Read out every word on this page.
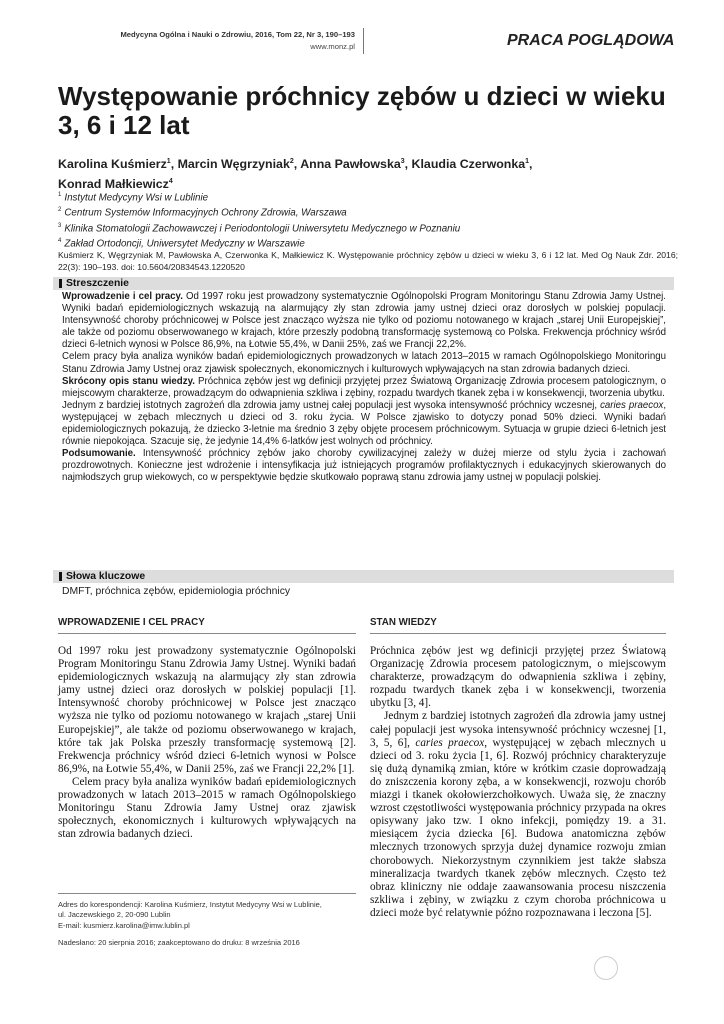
Medycyna Ogólna i Nauki o Zdrowiu, 2016, Tom 22, Nr 3, 190–193
www.monz.pl	PRACA POGLĄDOWA
Występowanie próchnicy zębów u dzieci w wieku 3, 6 i 12 lat
Karolina Kuśmierz$^1$, Marcin Węgrzyniak$^2$, Anna Pawłowska$^3$, Klaudia Czerwonka$^1$,
Konrad Małkiewicz$^4$
$^1$ Instytut Medycyny Wsi w Lublinie
$^2$ Centrum Systemów Informacyjnych Ochrony Zdrowia, Warszawa
$^3$ Klinika Stomatologii Zachowawczej i Periodontologii Uniwersytetu Medycznego w Poznaniu
$^4$ Zakład Ortodoncji, Uniwersytet Medyczny w Warszawie
Kuśmierz K, Węgrzyniak M, Pawłowska A, Czerwonka K, Małkiewicz K. Występowanie próchnicy zębów u dzieci w wieku 3, 6 i 12 lat. Med Og Nauk Zdr. 2016; 22(3): 190–193. doi: 10.5604/20834543.1220520
$^{Streszczenie}$

Wprowadzenie i cel pracy. Od 1997 roku jest prowadzony systematycznie Ogólnopolski Program Monitoringu Stanu Zdrowia Jamy Ustnej. Wyniki badań epidemiologicznych wskazują na alarmujący zły stan zdrowia jamy ustnej dzieci oraz dorosłych w polskiej populacji. Intensywność choroby próchnicowej w Polsce jest znacząco wyższa nie tylko od poziomu notowanego w krajach „starej Unii Europejskiej”, ale także od poziomu obserwowanego w krajach, które przeszły podobną transformację systemową co Polska. Frekwencja próchnicy wśród dzieci 6-letnich wynosi w Polsce 86,9%, na Łotwie 55,4%, w Danii 25%, zaś we Francji 22,2%.

Celem pracy była analiza wyników badań epidemiologicznych prowadzonych w latach 2013–2015 w ramach Ogólnopolskiego Monitoringu Stanu Zdrowia Jamy Ustnej oraz zjawisk społecznych, ekonomicznych i kulturowych wpływających na stan zdrowia badanych dzieci.

Skrócony opis stanu wiedzy. Próchnica zębów jest wg definicji przyjętej przez Światową Organizację Zdrowia procesem patologicznym, o miejscowym charakterze, prowadzącym do odwapnienia szkliwa i zębiny, rozpadu twardych tkanek zęba i w konsekwencji, tworzenia ubytku.

Jednym z bardziej istotnych zagrożeń dla zdrowia jamy ustnej całej populacji jest wysoka intensywność próchnicy wczesnej, caries praecox, występującej w zębach mlecznych u dzieci od 3. roku życia. W Polsce zjawisko to dotyczy ponad 50% dzieci. Wyniki badań epidemiologicznych pokazują, że dziecko 3-letnie ma średnio 3 zęby objęte procesem próchnicowym. Sytuacja w grupie dzieci 6-letnich jest równie niepokojąca. Szacuje się, że jedynie 14,4% 6-latków jest wolnych od próchnicy.

Podsumowanie. Intensywność próchnicy zębów jako choroby cywilizacyjnej zależy w dużej mierze od stylu życia i zachowań prozdrowotnych. Konieczne jest wdrożenie i intensyfikacja już istniejących programów profilaktycznych i edukacyjnych skierowanych do najmłodszych grup wiekowych, co w perspektywie będzie skutkowało poprawą stanu zdrowia jamy ustnej w populacji polskiej.

$^{Słowa kluczowe}$
DMFT, próchnica zębów, epidemiologia próchnicy
WPROWADZENIE I CEL PRACY	STAN WIEDZY

Od 1997 roku jest prowadzony systematycznie Ogólnopolski Program Monitoringu Stanu Zdrowia Jamy Ustnej. Wyniki badań epidemiologicznych wskazują na alarmujący zły stan zdrowia jamy ustnej dzieci oraz dorosłych w polskiej populacji [1]. Intensywność choroby próchnicowej w Polsce jest znacząco wyższa nie tylko od poziomu notowanego w krajach „starej Unii Europejskiej”, ale także od poziomu obserwowanego w krajach, które tak jak Polska przeszły transformację systemową [2]. Frekwencja próchnicy wśród dzieci 6-letnich wynosi w Polsce 86,9%, na Łotwie 55,4%, w Danii 25%, zaś we Francji 22,2% [1].

Celem pracy była analiza wyników badań epidemiologicznych prowadzonych w latach 2013–2015 w ramach Ogólnopolskiego Monitoringu Stanu Zdrowia Jamy Ustnej oraz zjawisk społecznych, ekonomicznych i kulturowych wpływających na stan zdrowia badanych dzieci.

Próchnica zębów jest wg definicji przyjętej przez Światową Organizację Zdrowia procesem patologicznym, o miejscowym charakterze, prowadzącym do odwapnienia szkliwa i zębiny, rozpadu twardych tkanek zęba i w konsekwencji, tworzenia ubytku [3, 4].

Jednym z bardziej istotnych zagrożeń dla zdrowia jamy ustnej całej populacji jest wysoka intensywność próchnicy wczesnej [1, 3, 5, 6], caries praecox, występującej w zębach mlecznych u dzieci od 3. roku życia [1, 6]. Rozwój próchnicy charakteryzuje się dużą dynamiką zmian, które w krótkim czasie doprowadzają do zniszczenia korony zęba, a w konsekwencji, rozwoju chorób miazgi i tkanek okołowierzchołkowych. Uważa się, że znaczny wzrost częstotliwości występowania próchnicy przypada na okres opisywany jako tzw. I okno infekcji, pomiędzy 19. a 31. miesiącem życia dziecka [6]. Budowa anatomiczna zębów mlecznych trzonowych sprzyja dużej dynamice rozwoju zmian chorobowych. Niekorzystnym czynnikiem jest także słabsza mineralizacja twardych tkanek zębów mlecznych. Często też obraz kliniczny nie oddaje zaawansowania procesu niszczenia szkliwa i zębiny, w związku z czym choroba próchnicowa u dzieci może być relatywnie późno rozpoznawana i leczona [5].

Adres do korespondencji: Karolina Kuśmierz, Instytut Medycyny Wsi w Lublinie,
ul. Jaczewskiego 2, 20-090 Lublin
E-mail: kusmierz.karolina@imw.lublin.pl
Nadesłano: 20 sierpnia 2016; zaakceptowano do druku: 8 września 2016
